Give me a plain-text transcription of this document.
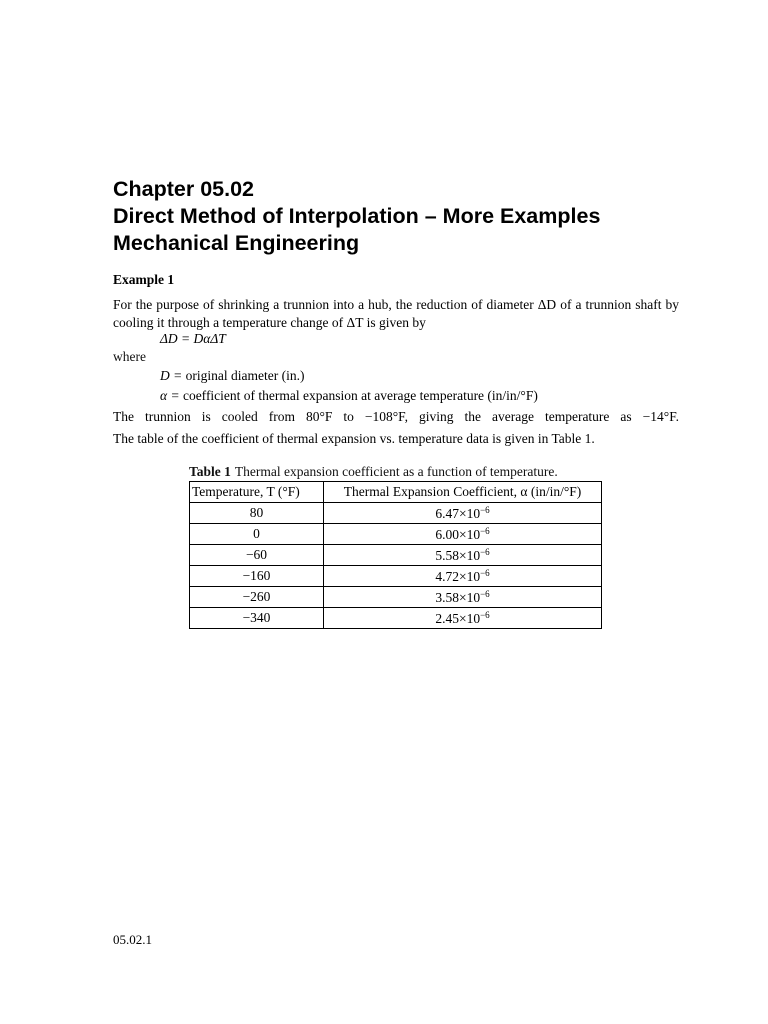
Chapter 05.02
Direct Method of Interpolation – More Examples
Mechanical Engineering
Example 1
For the purpose of shrinking a trunnion into a hub, the reduction of diameter ΔD of a trunnion shaft by cooling it through a temperature change of ΔT is given by
ΔD = DαΔT
where
D = original diameter (in.)
α = coefficient of thermal expansion at average temperature (in/in/°F)
The trunnion is cooled from 80°F to −108°F, giving the average temperature as −14°F.
The table of the coefficient of thermal expansion vs. temperature data is given in Table 1.
Table 1 Thermal expansion coefficient as a function of temperature.
Temperature, T (°F)	Thermal Expansion Coefficient, α (in/in/°F)
80	$6.47\times 10^{-6}$
0	$6.00\times 10^{-6}$
−60	$5.58\times 10^{-6}$
−160	$4.72\times 10^{-6}$
−260	$3.58\times 10^{-6}$
−340	$2.45\times 10^{-6}$
05.02.1
